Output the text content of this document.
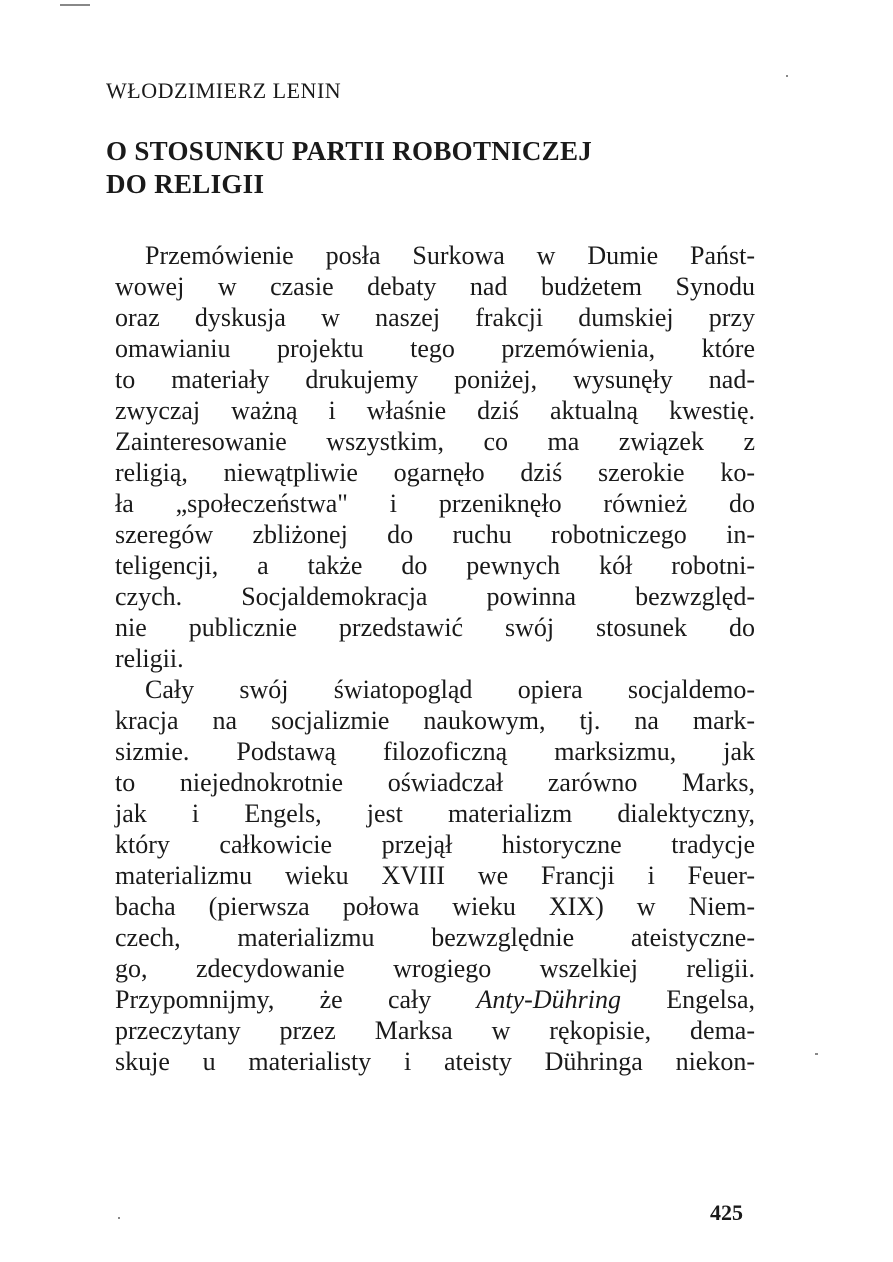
WŁODZIMIERZ LENIN
O STOSUNKU PARTII ROBOTNICZEJ
DO RELIGII
Przemówienie posła Surkowa w Dumie Państ-
wowej w czasie debaty nad budżetem Synodu
oraz dyskusja w naszej frakcji dumskiej przy
omawianiu projektu tego przemówienia, które
to materiały drukujemy poniżej, wysunęły nad-
zwyczaj ważną i właśnie dziś aktualną kwestię.
Zainteresowanie wszystkim, co ma związek z
religią, niewątpliwie ogarnęło dziś szerokie ko-
ła „społeczeństwa" i przeniknęło również do
szeregów zbliżonej do ruchu robotniczego in-
teligencji, a także do pewnych kół robotni-
czych. Socjaldemokracja powinna bezwzględ-
nie publicznie przedstawić swój stosunek do
religii.
Cały swój światopogląd opiera socjaldemo-
kracja na socjalizmie naukowym, tj. na mark-
sizmie. Podstawą filozoficzną marksizmu, jak
to niejednokrotnie oświadczał zarówno Marks,
jak i Engels, jest materializm dialektyczny,
który całkowicie przejął historyczne tradycje
materializmu wieku XVIII we Francji i Feuer-
bacha (pierwsza połowa wieku XIX) w Niem-
czech, materializmu bezwzględnie ateistyczne-
go, zdecydowanie wrogiego wszelkiej religii.
Przypomnijmy, że cały Anty-Dühring Engelsa,
przeczytany przez Marksa w rękopisie, dema-
skuje u materialisty i ateisty Dühringa niekon-
425
